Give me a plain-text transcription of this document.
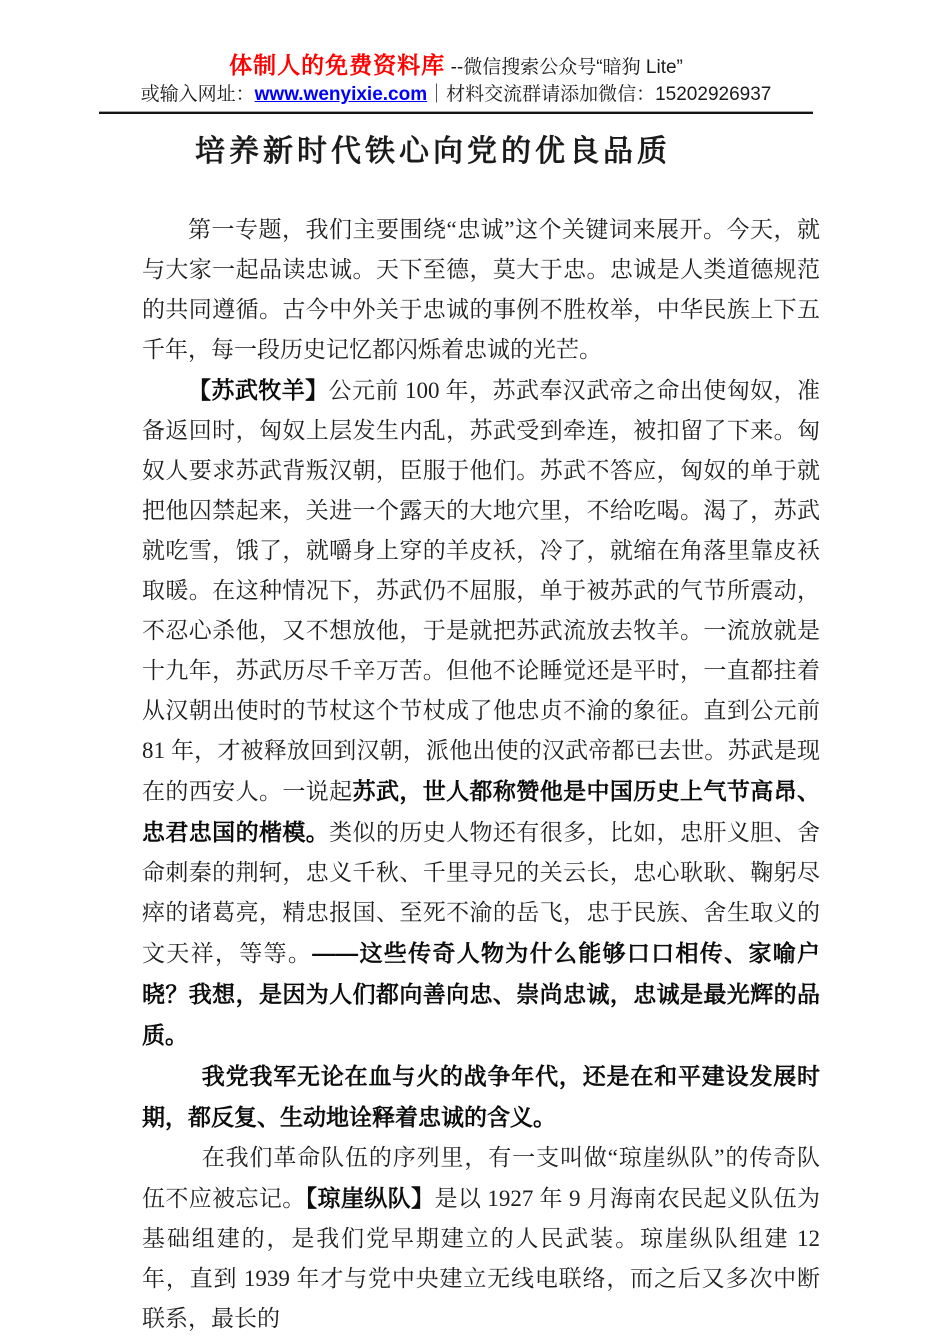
体制人的免费资料库 --微信搜索公众号“暗狗 Lite”
或输入网址：www.wenyixie.com｜材料交流群请添加微信：15202926937
培养新时代铁心向党的优良品质

第一专题，我们主要围绕“忠诚”这个关键词来展开。今天，就与大家一起品读忠诚。天下至德，莫大于忠。忠诚是人类道德规范的共同遵循。古今中外关于忠诚的事例不胜枚举，中华民族上下五千年，每一段历史记忆都闪烁着忠诚的光芒。

【苏武牧羊】公元前 100 年，苏武奉汉武帝之命出使匈奴，准备返回时，匈奴上层发生内乱，苏武受到牵连，被扣留了下来。匈奴人要求苏武背叛汉朝，臣服于他们。苏武不答应，匈奴的单于就把他囚禁起来，关进一个露天的大地穴里，不给吃喝。渴了，苏武就吃雪，饿了，就嚼身上穿的羊皮袄，冷了，就缩在角落里靠皮袄取暖。在这种情况下，苏武仍不屈服，单于被苏武的气节所震动，不忍心杀他，又不想放他，于是就把苏武流放去牧羊。一流放就是十九年，苏武历尽千辛万苦。但他不论睡觉还是平时，一直都拄着从汉朝出使时的节杖这个节杖成了他忠贞不渝的象征。直到公元前 81 年，才被释放回到汉朝，派他出使的汉武帝都已去世。苏武是现在的西安人。一说起苏武，世人都称赞他是中国历史上气节高昂、忠君忠国的楷模。类似的历史人物还有很多，比如，忠肝义胆、舍命刺秦的荆轲，忠义千秋、千里寻兄的关云长，忠心耿耿、鞠躬尽瘁的诸葛亮，精忠报国、至死不渝的岳飞，忠于民族、舍生取义的文天祥，等等。——这些传奇人物为什么能够口口相传、家喻户晓？我想，是因为人们都向善向忠、崇尚忠诚，忠诚是最光辉的品质。

我党我军无论在血与火的战争年代，还是在和平建设发展时期，都反复、生动地诠释着忠诚的含义。

在我们革命队伍的序列里，有一支叫做“琼崖纵队”的传奇队伍不应被忘记。【琼崖纵队】是以 1927 年 9 月海南农民起义队伍为基础组建的，是我们党早期建立的人民武装。琼崖纵队组建 12 年，直到 1939 年才与党中央建立无线电联络，而之后又多次中断联系，最长的
